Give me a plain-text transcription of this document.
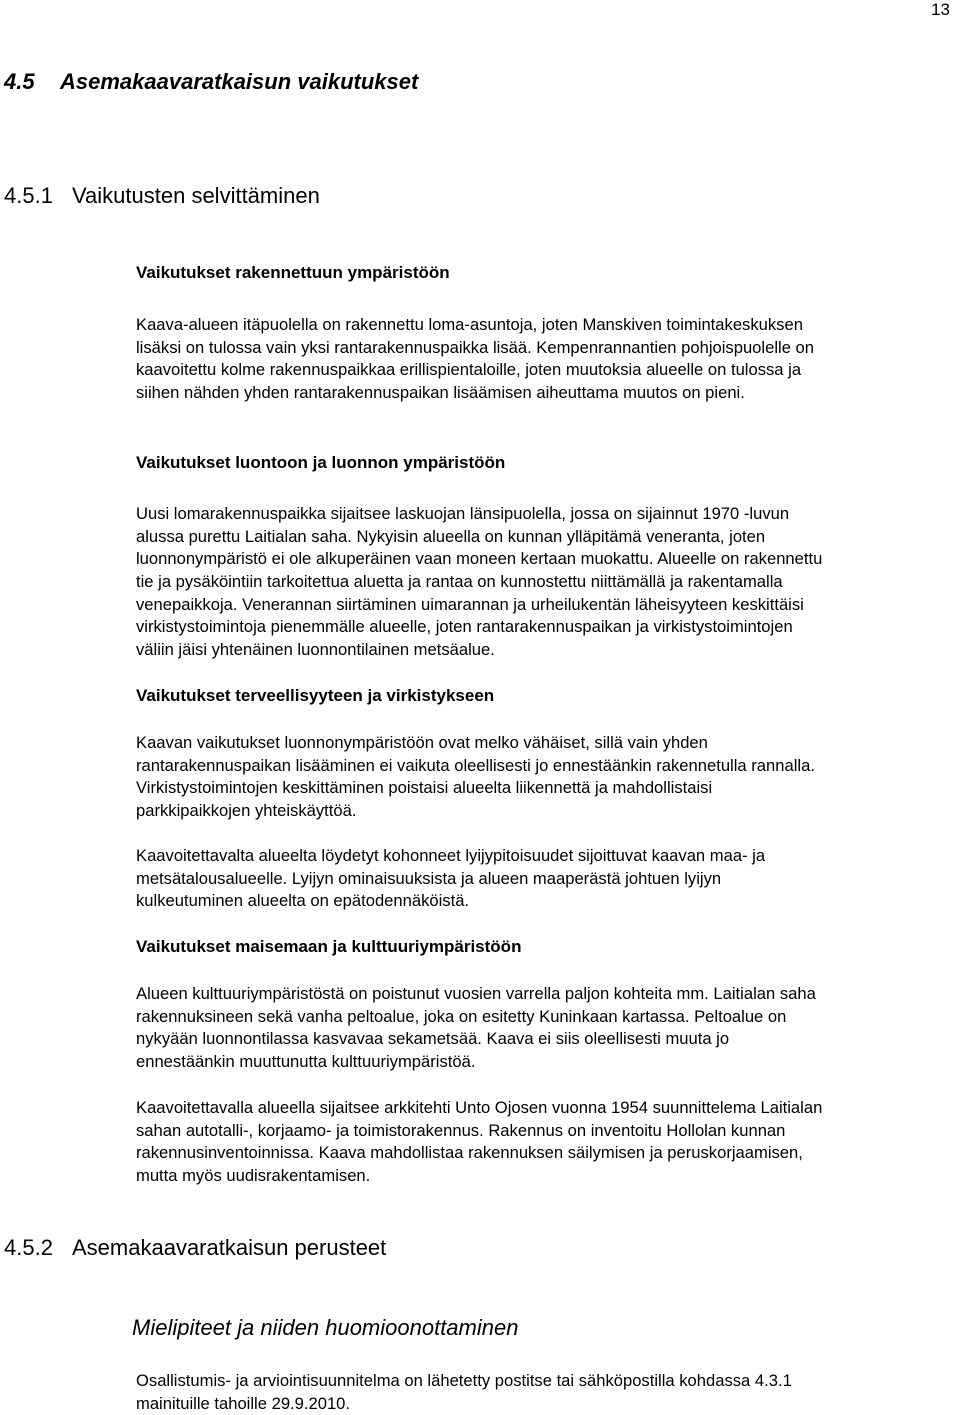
13
4.5 Asemakaavaratkaisun vaikutukset
4.5.1 Vaikutusten selvittäminen
Vaikutukset rakennettuun ympäristöön
Kaava-alueen itäpuolella on rakennettu loma-asuntoja, joten Manskiven toimintakeskuksen
lisäksi on tulossa vain yksi rantarakennuspaikka lisää. Kempenrannantien pohjoispuolelle on
kaavoitettu kolme rakennuspaikkaa erillispientaloille, joten muutoksia alueelle on tulossa ja
siihen nähden yhden rantarakennuspaikan lisäämisen aiheuttama muutos on pieni.
Vaikutukset luontoon ja luonnon ympäristöön
Uusi lomarakennuspaikka sijaitsee laskuojan länsipuolella, jossa on sijainnut 1970 -luvun
alussa purettu Laitialan saha. Nykyisin alueella on kunnan ylläpitämä veneranta, joten
luonnonympäristö ei ole alkuperäinen vaan moneen kertaan muokattu. Alueelle on rakennettu
tie ja pysäköintiin tarkoitettua aluetta ja rantaa on kunnostettu niittämällä ja rakentamalla
venepaikkoja. Venerannan siirtäminen uimarannan ja urheilukentän läheisyyteen keskittäisi
virkistystoimintoja pienemmälle alueelle, joten rantarakennuspaikan ja virkistystoimintojen
väliin jäisi yhtenäinen luonnontilainen metsäalue.
Vaikutukset terveellisyyteen ja virkistykseen
Kaavan vaikutukset luonnonympäristöön ovat melko vähäiset, sillä vain yhden
rantarakennuspaikan lisääminen ei vaikuta oleellisesti jo ennestäänkin rakennetulla rannalla.
Virkistystoimintojen keskittäminen poistaisi alueelta liikennettä ja mahdollistaisi
parkkipaikkojen yhteiskäyttöä.
Kaavoitettavalta alueelta löydetyt kohonneet lyijypitoisuudet sijoittuvat kaavan maa- ja
metsätalousalueelle. Lyijyn ominaisuuksista ja alueen maaperästä johtuen lyijyn
kulkeutuminen alueelta on epätodennäköistä.
Vaikutukset maisemaan ja kulttuuriympäristöön
Alueen kulttuuriympäristöstä on poistunut vuosien varrella paljon kohteita mm. Laitialan saha
rakennuksineen sekä vanha peltoalue, joka on esitetty Kuninkaan kartassa. Peltoalue on
nykyään luonnontilassa kasvavaa sekametsää. Kaava ei siis oleellisesti muuta jo
ennestäänkin muuttunutta kulttuuriympäristöä.
Kaavoitettavalla alueella sijaitsee arkkitehti Unto Ojosen vuonna 1954 suunnittelema Laitialan
sahan autotalli-, korjaamo- ja toimistorakennus. Rakennus on inventoitu Hollolan kunnan
rakennusinventoinnissa. Kaava mahdollistaa rakennuksen säilymisen ja peruskorjaamisen,
mutta myös uudisrakentamisen.
4.5.2 Asemakaavaratkaisun perusteet
Mielipiteet ja niiden huomioonottaminen
Osallistumis- ja arviointisuunnitelma on lähetetty postitse tai sähköpostilla kohdassa 4.3.1
mainituille tahoille 29.9.2010.
